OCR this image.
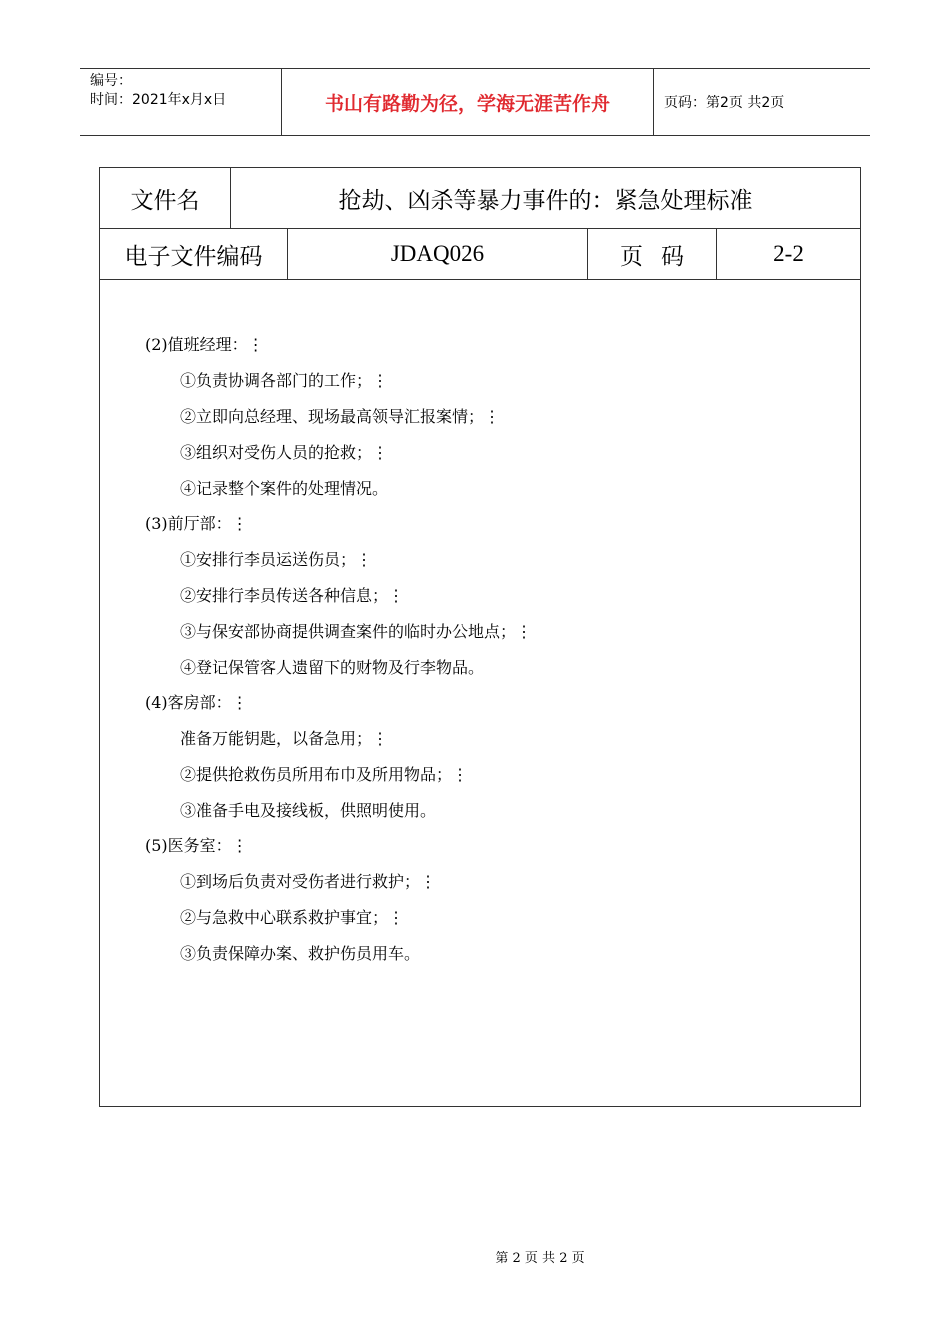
编号：
时间：2021年x月x日	书山有路勤为径，学海无涯苦作舟	页码：第2页 共2页
文件名	抢劫、凶杀等暴力事件的：紧急处理标准
电子文件编码	JDAQ026	页码	2-2
(2)值班经理：⋮
①负责协调各部门的工作；⋮
②立即向总经理、现场最高领导汇报案情；⋮
③组织对受伤人员的抢救；⋮
④记录整个案件的处理情况。
(3)前厅部：⋮
①安排行李员运送伤员；⋮
②安排行李员传送各种信息；⋮
③与保安部协商提供调查案件的临时办公地点；⋮
④登记保管客人遗留下的财物及行李物品。
(4)客房部：⋮
准备万能钥匙，以备急用；⋮
②提供抢救伤员所用布巾及所用物品；⋮
③准备手电及接线板，供照明使用。
(5)医务室：⋮
①到场后负责对受伤者进行救护；⋮
②与急救中心联系救护事宜；⋮
③负责保障办案、救护伤员用车。
第 2 页 共 2 页
